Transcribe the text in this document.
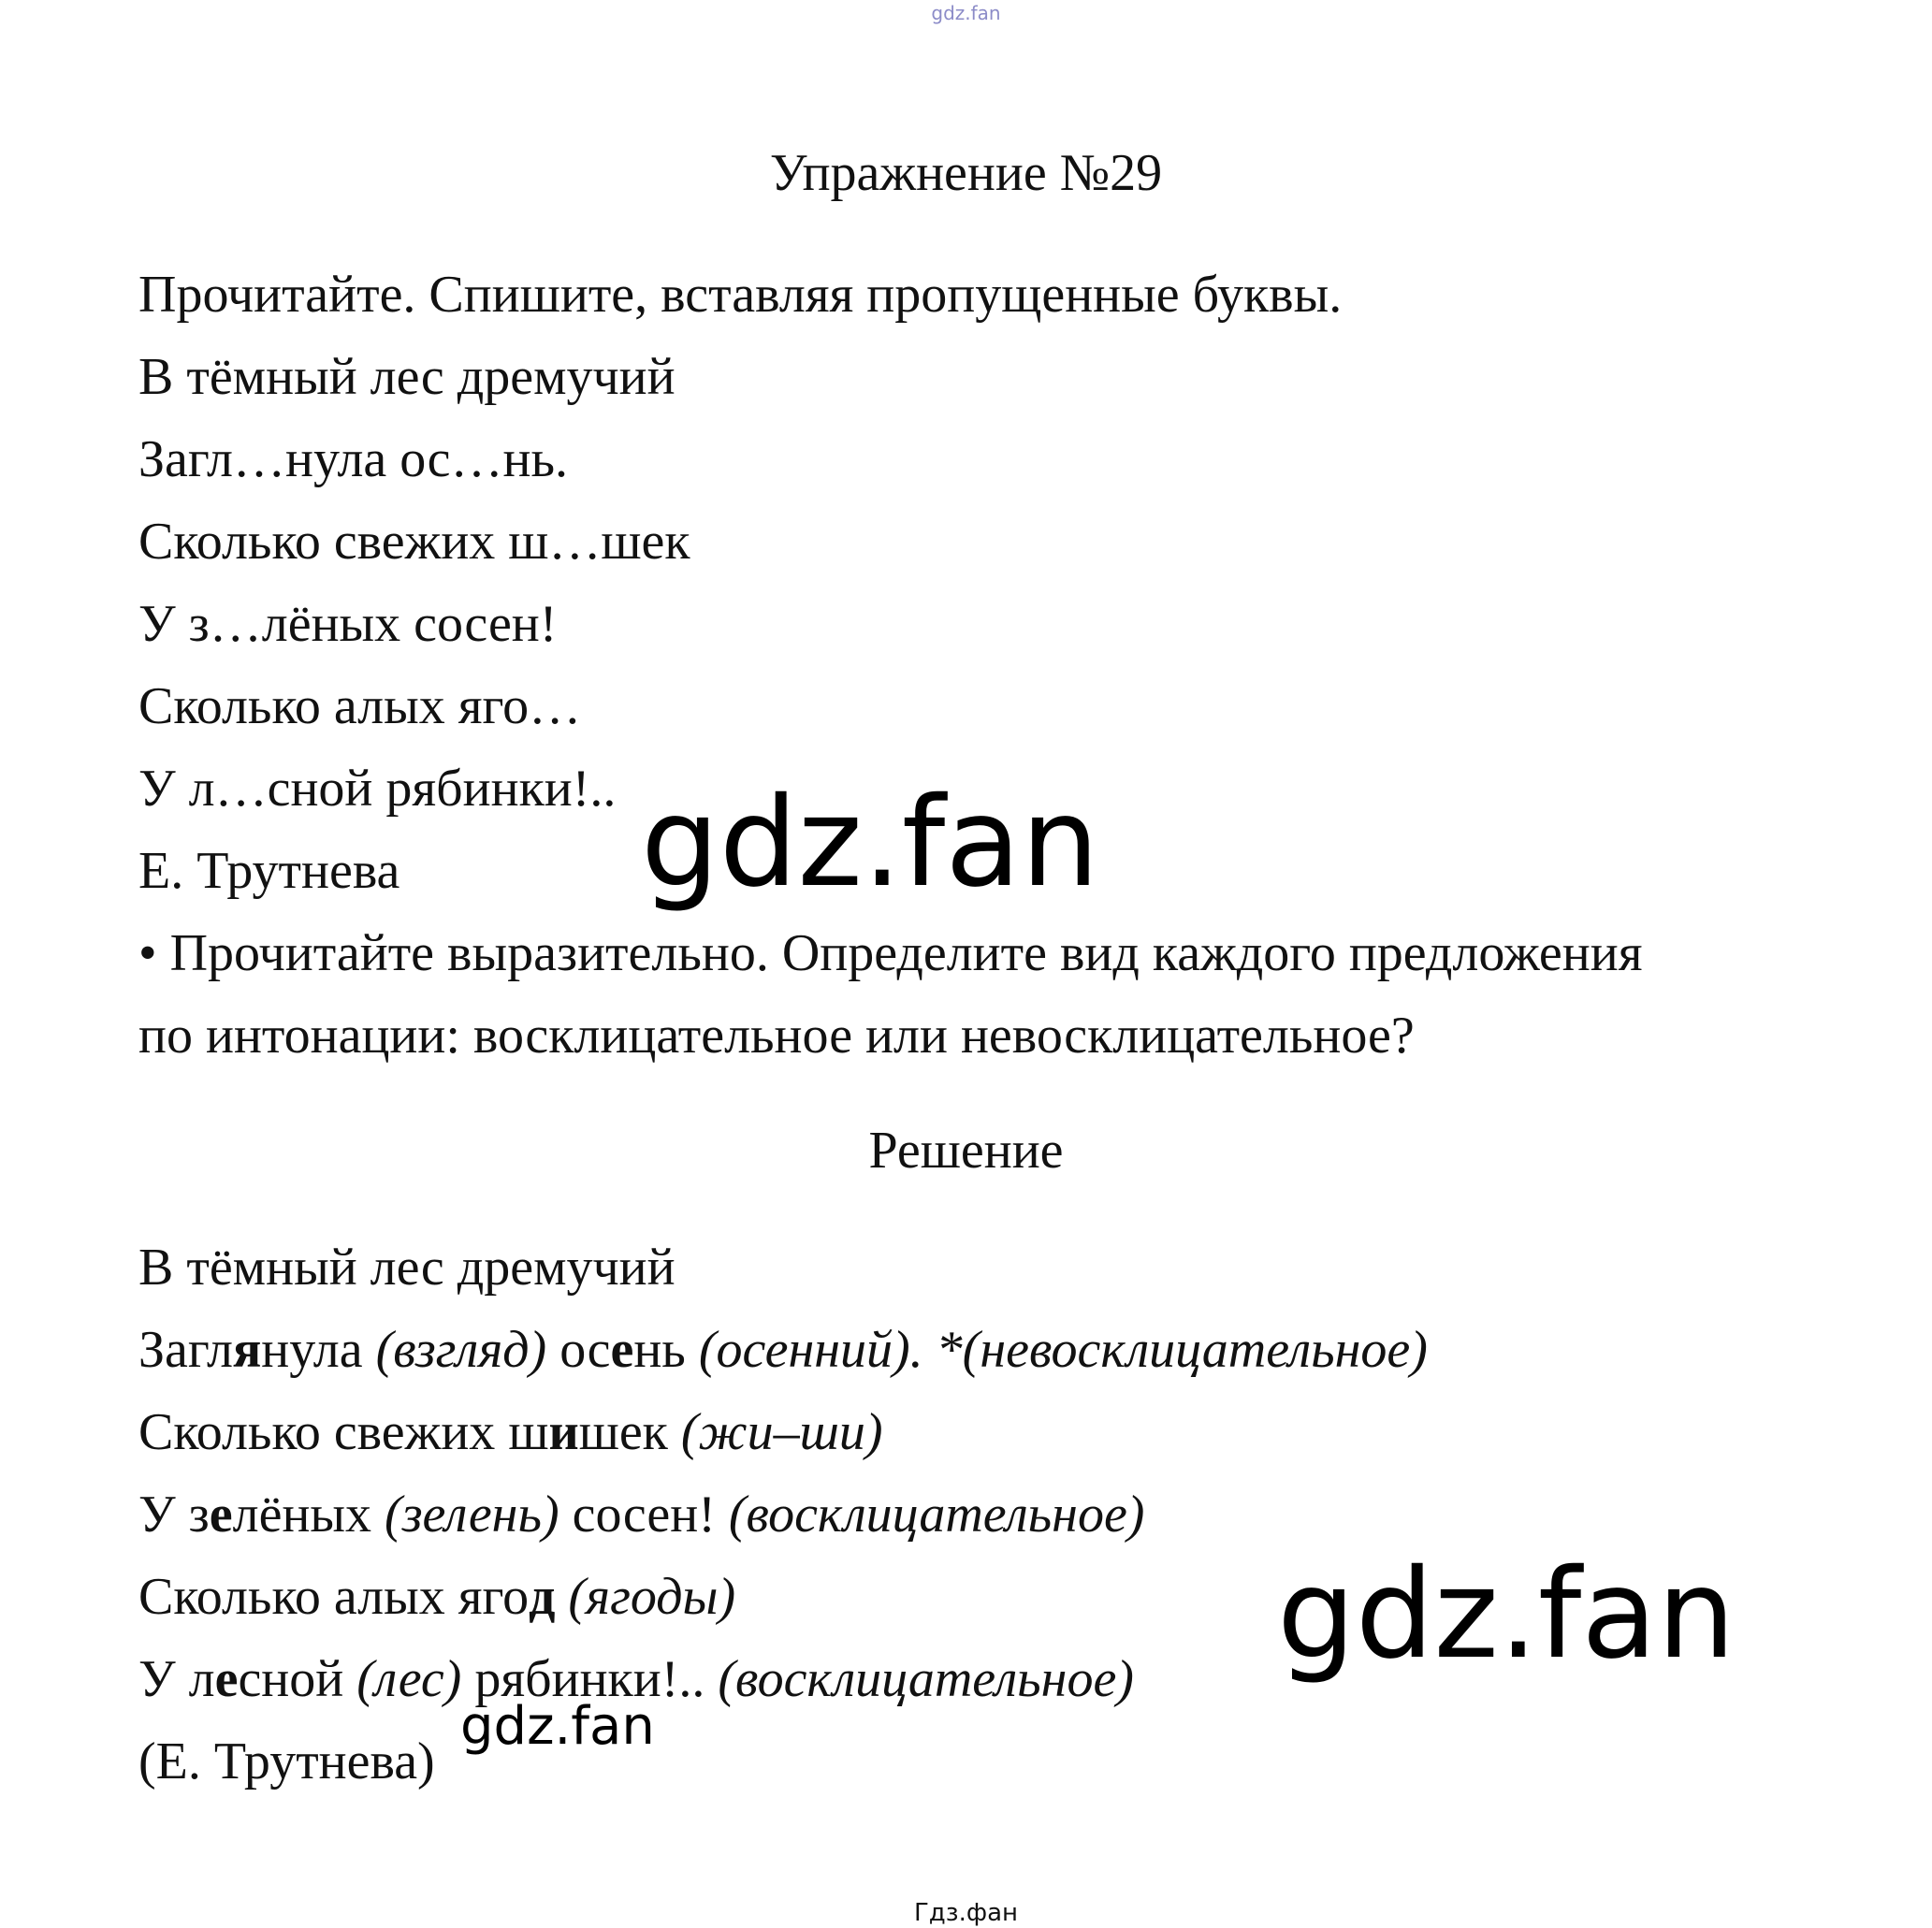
gdz.fan
Упражнение №29
Прочитайте. Спишите, вставляя пропущенные буквы.
В тёмный лес дремучий
Загл…нула ос…нь.
Сколько свежих ш…шек
У з…лёных сосен!
Сколько алых яго…
У л…сной рябинки!..
Е. Трутнева
• Прочитайте выразительно. Определите вид каждого предложения
по интонации: восклицательное или невосклицательное?
Решение
В тёмный лес дремучий
Заглянула (взгляд) осень (осенний). *(невосклицательное)
Сколько свежих шишек (жи–ши)
У зелёных (зелень) сосен! (восклицательное)
Сколько алых ягод (ягоды)
У лесной (лес) рябинки!.. (восклицательное)
(Е. Трутнева)
gdz.fan
gdz.fan
gdz.fan
Гдз.фан
